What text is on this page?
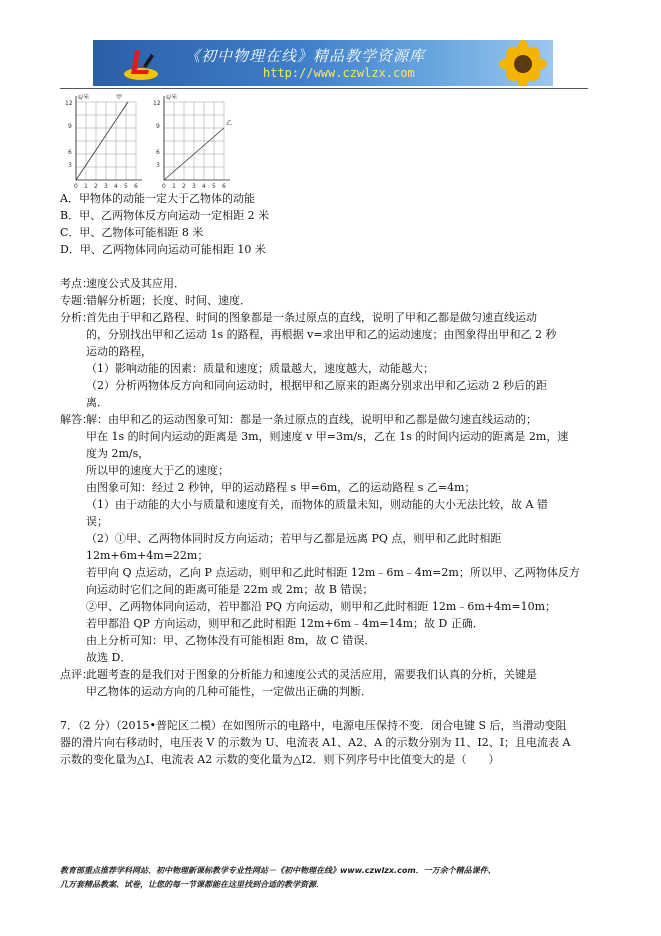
《初中物理在线》精品教学资源库
http://www.czwlzx.com
s/米	甲
3
6
9
12
0 1 2 3 4 5 6
s/米
乙
3
6
9
12
0 1 2 3 4 5 6
A．甲物体的动能一定大于乙物体的动能
B．甲、乙两物体反方向运动一定相距 2 米
C．甲、乙物体可能相距 8 米
D．甲、乙两物体同向运动可能相距 10 米
考点：
速度公式及其应用．
专题：
错解分析题；长度、时间、速度．
分析：
首先由于甲和乙路程、时间的图象都是一条过原点的直线，说明了甲和乙都是做匀速直线运动
的，分别找出甲和乙运动 1s 的路程，再根据 v=求出甲和乙的运动速度；由图象得出甲和乙 2 秒
运动的路程，
（1）影响动能的因素：质量和速度；质量越大，速度越大，动能越大；
（2）分析两物体反方向和同向运动时，根据甲和乙原来的距离分别求出甲和乙运动 2 秒后的距
离．
解答：
解：由甲和乙的运动图象可知：都是一条过原点的直线，说明甲和乙都是做匀速直线运动的；
甲在 1s 的时间内运动的距离是 3m，则速度 v 甲=3m/s，乙在 1s 的时间内运动的距离是 2m，速
度为 2m/s，
所以甲的速度大于乙的速度；
由图象可知：经过 2 秒钟，甲的运动路程 s 甲=6m，乙的运动路程 s 乙=4m；
（1）由于动能的大小与质量和速度有关，而物体的质量未知，则动能的大小无法比较，故 A 错
误；
（2）①甲、乙两物体同时反方向运动；若甲与乙都是远离 PQ 点，则甲和乙此时相距
12m+6m+4m=22m；
若甲向 Q 点运动，乙向 P 点运动，则甲和乙此时相距 12m﹣6m﹣4m=2m；所以甲、乙两物体反方
向运动时它们之间的距离可能是 22m 或 2m；故 B 错误；
②甲、乙两物体同向运动，若甲都沿 PQ 方向运动，则甲和乙此时相距 12m﹣6m+4m=10m；
若甲都沿 QP 方向运动，则甲和乙此时相距 12m+6m﹣4m=14m；故 D 正确．
由上分析可知：甲、乙物体没有可能相距 8m，故 C 错误．
故选 D．
点评：
此题考查的是我们对于图象的分析能力和速度公式的灵活应用，需要我们认真的分析，关键是
甲乙物体的运动方向的几种可能性，一定做出正确的判断．
7．（2 分）（2015•普陀区二模）在如图所示的电路中，电源电压保持不变．闭合电键 S 后，当滑动变阻
器的滑片向右移动时，电压表 V 的示数为 U、电流表 A1、A2、A 的示数分别为 I1、I2、I；且电流表 A
示数的变化量为△I、电流表 A2 示数的变化量为△I2．则下列序号中比值变大的是（　　）
教育部重点推荐学科网站、初中物理新课标教学专业性网站－《初中物理在线》www.czwlzx.com．一万余个精品课件、
几万套精品教案、试卷，让您的每一节课都能在这里找到合适的教学资源．
